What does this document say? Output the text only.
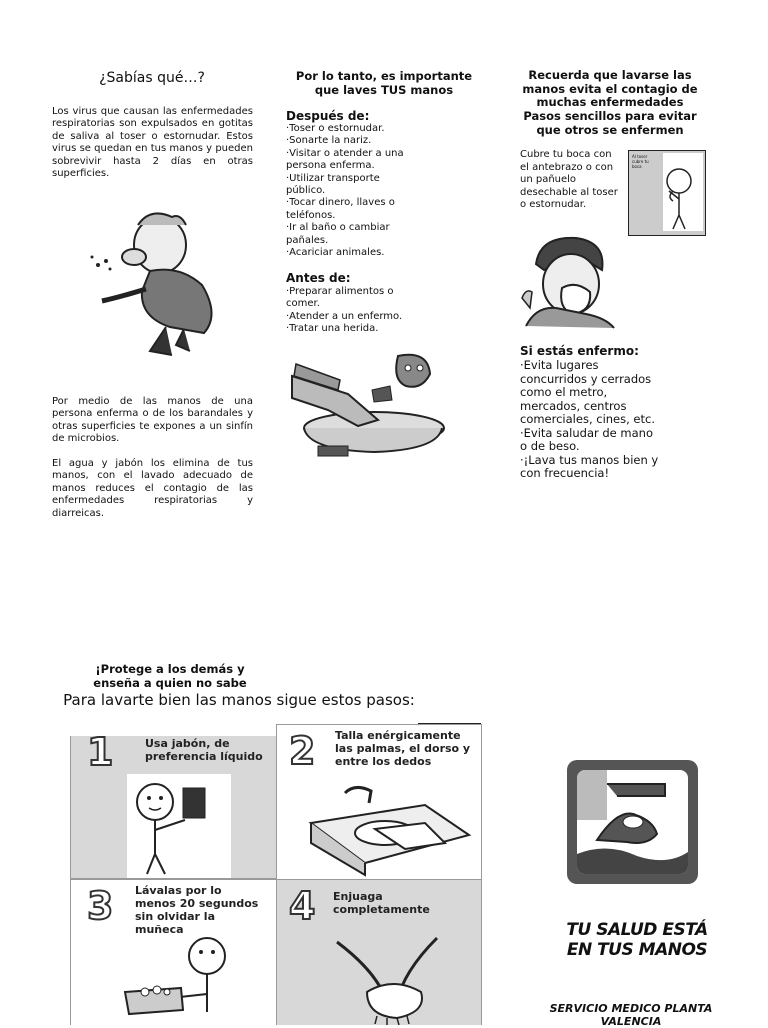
¿Sabías qué…?

Los virus que causan las enfermedades respiratorias son expulsados en gotitas de saliva al toser o estornudar. Estos virus se quedan en tus manos y pueden sobrevivir hasta 2 días en otras superficies.

Por medio de las manos de una persona enferma o de los barandales y otras superficies te expones a un sinfín de microbios.

El agua y jabón los elimina de tus manos, con el lavado adecuado de manos reduces el contagio de las enfermedades respiratorias y diarreicas.

Por lo tanto, es importante que laves TUS manos
Después de:
·Toser o estornudar.
·Sonarte la nariz.
·Visitar o atender a una persona enferma.
·Utilizar transporte público.
·Tocar dinero, llaves o teléfonos.
·Ir al baño o cambiar pañales.
·Acariciar animales.
Antes de:
·Preparar alimentos o comer.
·Atender a un enfermo.
·Tratar una herida.
Recuerda que lavarse las manos evita el contagio de muchas enfermedades
Pasos sencillos para evitar que otros se enfermen

Cubre tu boca con el antebrazo o con un pañuelo desechable al toser o estornudar.

Al toser cubre tu boca
Si estás enfermo:
·Evita lugares concurridos y cerrados como el metro, mercados, centros comerciales, cines, etc.
·Evita saludar de mano o de beso.
·¡Lava tus manos bien y con frecuencia!
¡Protege a los demás y enseña a quien no sabe
Para lavarte bien las manos sigue estos pasos:
1	Usa jabón, de preferencia líquido 2 Talla enérgicamente las palmas, el dorso y entre los dedos
3 Lávalas por lo menos 20 segundos sin olvidar la muñeca
4 Enjuaga completamente
TU SALUD ESTÁ EN TUS MANOS
SERVICIO MEDICO PLANTA VALENCIA
